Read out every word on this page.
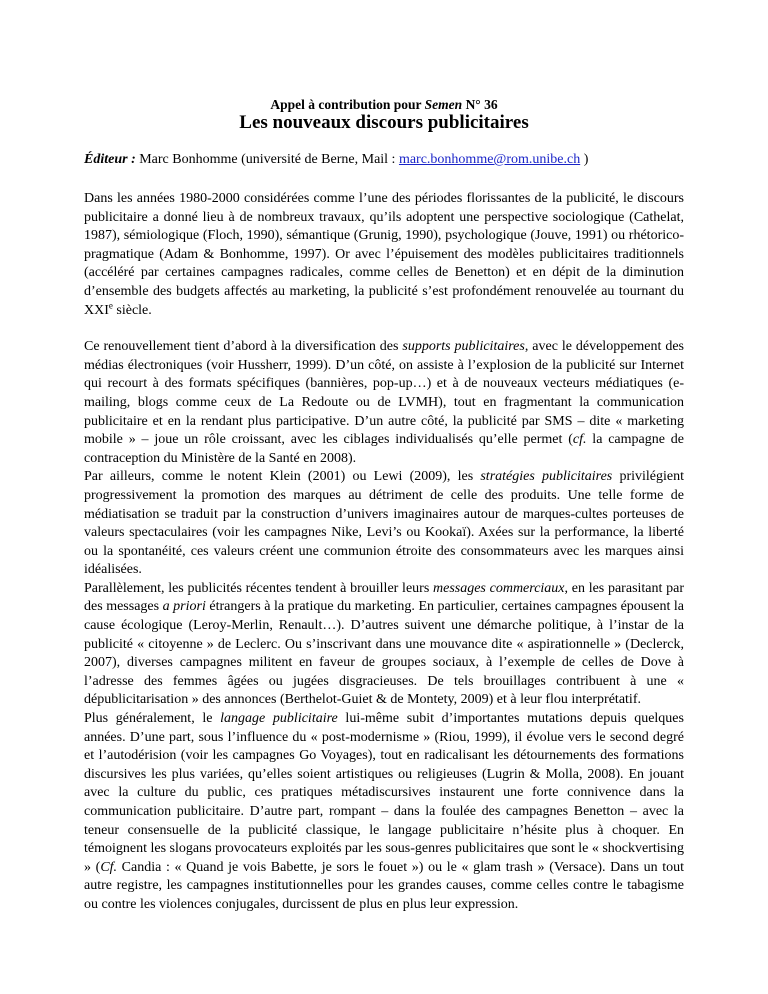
Appel à contribution pour Semen N° 36
Les nouveaux discours publicitaires
Éditeur : Marc Bonhomme (université de Berne, Mail : marc.bonhomme@rom.unibe.ch )

Dans les années 1980-2000 considérées comme l’une des périodes florissantes de la publicité, le discours publicitaire a donné lieu à de nombreux travaux, qu’ils adoptent une perspective sociologique (Cathelat, 1987), sémiologique (Floch, 1990), sémantique (Grunig, 1990), psychologique (Jouve, 1991) ou rhétorico-pragmatique (Adam & Bonhomme, 1997). Or avec l’épuisement des modèles publicitaires traditionnels (accéléré par certaines campagnes radicales, comme celles de Benetton) et en dépit de la diminution d’ensemble des budgets affectés au marketing, la publicité s’est profondément renouvelée au tournant du XXIe siècle.

Ce renouvellement tient d’abord à la diversification des supports publicitaires, avec le développement des médias électroniques (voir Hussherr, 1999). D’un côté, on assiste à l’explosion de la publicité sur Internet qui recourt à des formats spécifiques (bannières, pop-up…) et à de nouveaux vecteurs médiatiques (e-mailing, blogs comme ceux de La Redoute ou de LVMH), tout en fragmentant la communication publicitaire et en la rendant plus participative. D’un autre côté, la publicité par SMS – dite « marketing mobile » – joue un rôle croissant, avec les ciblages individualisés qu’elle permet (cf. la campagne de contraception du Ministère de la Santé en 2008).

Par ailleurs, comme le notent Klein (2001) ou Lewi (2009), les stratégies publicitaires privilégient progressivement la promotion des marques au détriment de celle des produits. Une telle forme de médiatisation se traduit par la construction d’univers imaginaires autour de marques-cultes porteuses de valeurs spectaculaires (voir les campagnes Nike, Levi’s ou Kookaï). Axées sur la performance, la liberté ou la spontanéité, ces valeurs créent une communion étroite des consommateurs avec les marques ainsi idéalisées.

Parallèlement, les publicités récentes tendent à brouiller leurs messages commerciaux, en les parasitant par des messages a priori étrangers à la pratique du marketing. En particulier, certaines campagnes épousent la cause écologique (Leroy-Merlin, Renault…). D’autres suivent une démarche politique, à l’instar de la publicité « citoyenne » de Leclerc. Ou s’inscrivant dans une mouvance dite « aspirationnelle » (Declerck, 2007), diverses campagnes militent en faveur de groupes sociaux, à l’exemple de celles de Dove à l’adresse des femmes âgées ou jugées disgracieuses. De tels brouillages contribuent à une « dépublicitarisation » des annonces (Berthelot-Guiet & de Montety, 2009) et à leur flou interprétatif.

Plus généralement, le langage publicitaire lui-même subit d’importantes mutations depuis quelques années. D’une part, sous l’influence du « post-modernisme » (Riou, 1999), il évolue vers le second degré et l’autodérision (voir les campagnes Go Voyages), tout en radicalisant les détournements des formations discursives les plus variées, qu’elles soient artistiques ou religieuses (Lugrin & Molla, 2008). En jouant avec la culture du public, ces pratiques métadiscursives instaurent une forte connivence dans la communication publicitaire. D’autre part, rompant – dans la foulée des campagnes Benetton – avec la teneur consensuelle de la publicité classique, le langage publicitaire n’hésite plus à choquer. En témoignent les slogans provocateurs exploités par les sous-genres publicitaires que sont le « shockvertising » (Cf. Candia : « Quand je vois Babette, je sors le fouet ») ou le « glam trash » (Versace). Dans un tout autre registre, les campagnes institutionnelles pour les grandes causes, comme celles contre le tabagisme ou contre les violences conjugales, durcissent de plus en plus leur expression.
